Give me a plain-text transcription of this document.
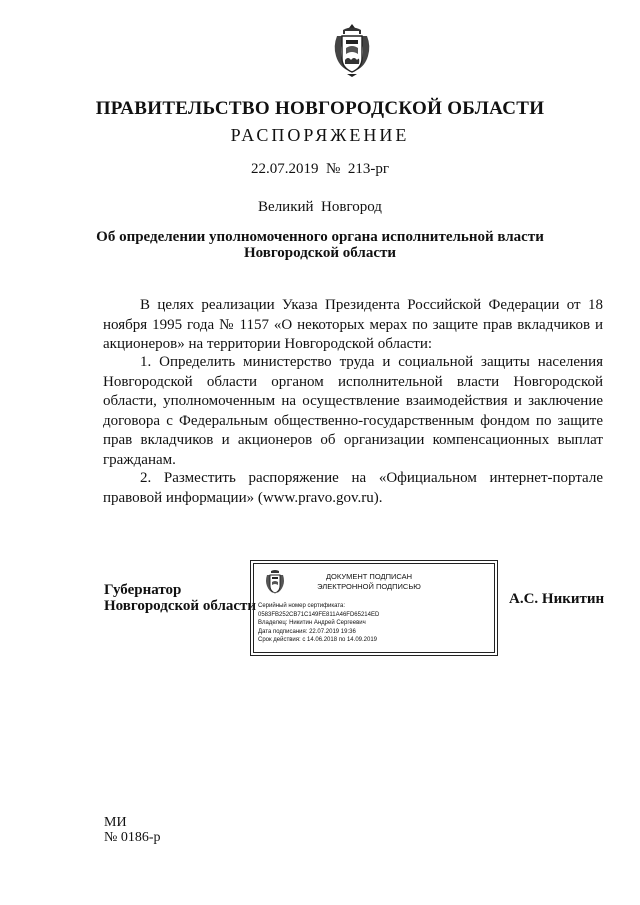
ПРАВИТЕЛЬСТВО НОВГОРОДСКОЙ ОБЛАСТИ
РАСПОРЯЖЕНИЕ
22.07.2019  №  213-рг
Великий  Новгород
Об определении уполномоченного органа исполнительной власти
Новгородской области
В целях реализации Указа Президента Российской Федерации от 18 ноября 1995 года № 1157 «О некоторых мерах по защите прав вкладчиков и акционеров» на территории Новгородской области:
1. Определить министерство труда и социальной защиты населения Новгородской области органом исполнительной власти Новгородской области, уполномоченным на осуществление взаимодействия и заключение договора с Федеральным общественно-государственным фондом по защите прав вкладчиков и акционеров об организации компенсационных выплат гражданам.
2. Разместить распоряжение на «Официальном интернет-портале правовой информации» (www.pravo.gov.ru).
Губернатор
Новгородской области
ДОКУМЕНТ ПОДПИСАН
ЭЛЕКТРОННОЙ ПОДПИСЬЮ
Серийный номер сертификата:
0583FB252CB71C149FE811A46FD65214ED
Владелец: Никитин Андрей Сергеевич
Дата подписания: 22.07.2019 19:36
Срок действия: с 14.06.2018 по 14.09.2019
А.С. Никитин
МИ
№ 0186-р
